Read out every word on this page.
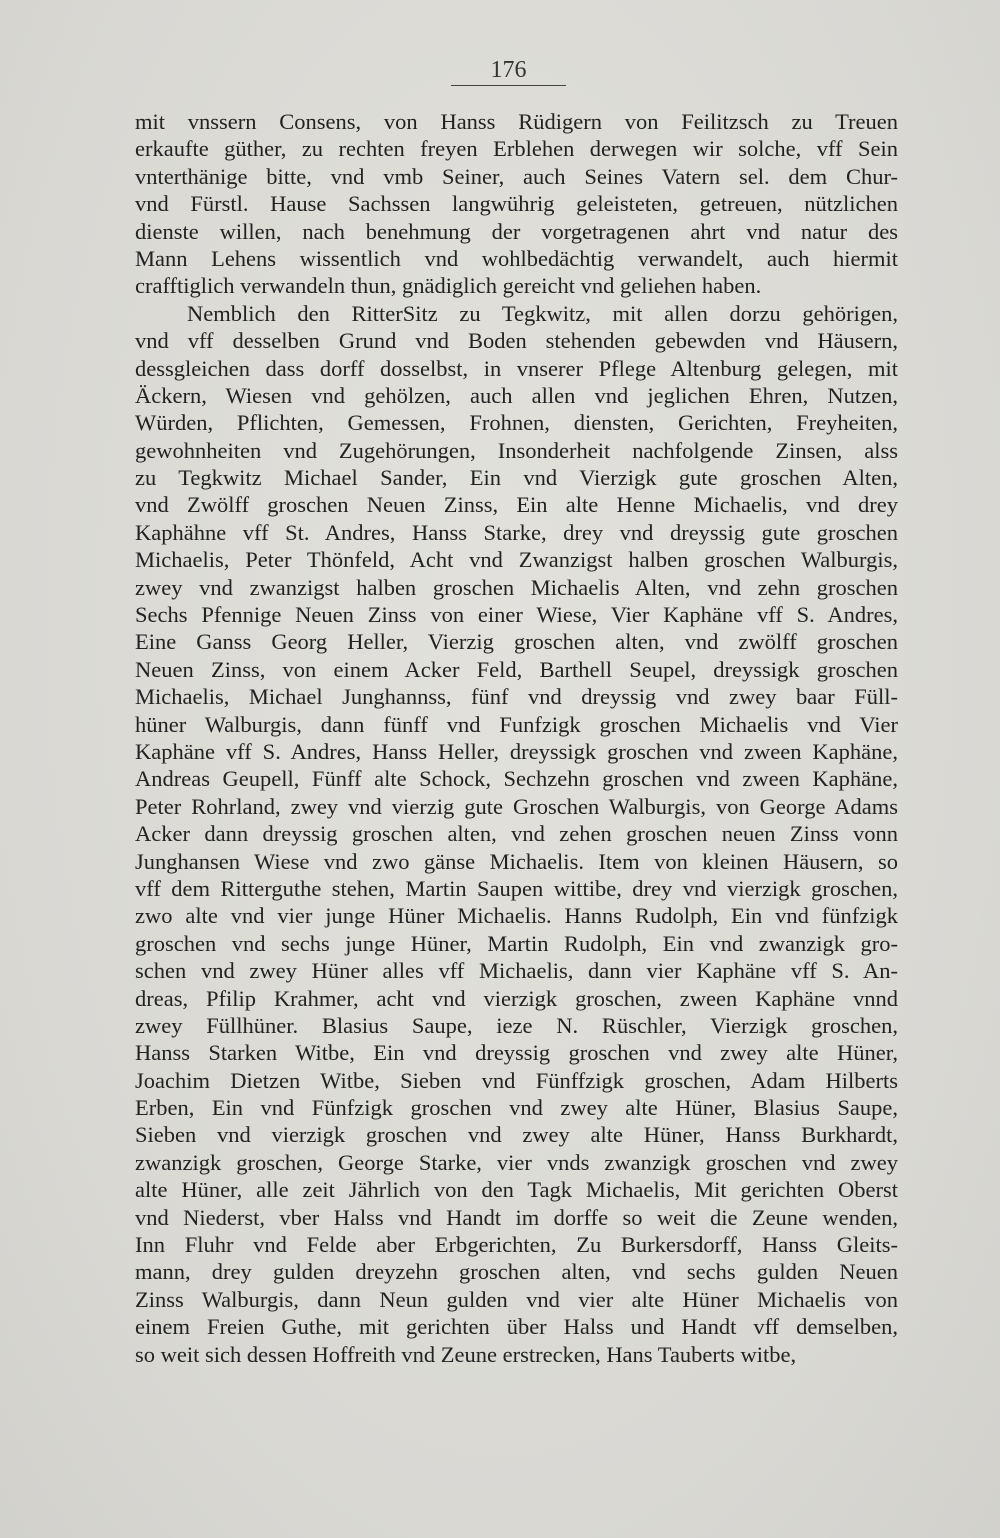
176
mit vnssern Consens, von Hanss Rüdigern von Feilitzsch zu Treuen
erkaufte güther, zu rechten freyen Erblehen derwegen wir solche, vff Sein
vnterthänige bitte, vnd vmb Seiner, auch Seines Vatern sel. dem Chur-
vnd Fürstl. Hause Sachssen langwührig geleisteten, getreuen, nützlichen
dienste willen, nach benehmung der vorgetragenen ahrt vnd natur des
Mann Lehens wissentlich vnd wohlbedächtig verwandelt, auch hiermit
crafftiglich verwandeln thun, gnädiglich gereicht vnd geliehen haben.
Nemblich den RitterSitz zu Tegkwitz, mit allen dorzu gehörigen,
vnd vff desselben Grund vnd Boden stehenden gebewden vnd Häusern,
dessgleichen dass dorff dosselbst, in vnserer Pflege Altenburg gelegen, mit
Äckern, Wiesen vnd gehölzen, auch allen vnd jeglichen Ehren, Nutzen,
Würden, Pflichten, Gemessen, Frohnen, diensten, Gerichten, Freyheiten,
gewohnheiten vnd Zugehörungen, Insonderheit nachfolgende Zinsen, alss
zu Tegkwitz Michael Sander, Ein vnd Vierzigk gute groschen Alten,
vnd Zwölff groschen Neuen Zinss, Ein alte Henne Michaelis, vnd drey
Kaphähne vff St. Andres, Hanss Starke, drey vnd dreyssig gute groschen
Michaelis, Peter Thönfeld, Acht vnd Zwanzigst halben groschen Walburgis,
zwey vnd zwanzigst halben groschen Michaelis Alten, vnd zehn groschen
Sechs Pfennige Neuen Zinss von einer Wiese, Vier Kaphäne vff S. Andres,
Eine Ganss Georg Heller, Vierzig groschen alten, vnd zwölff groschen
Neuen Zinss, von einem Acker Feld, Barthell Seupel, dreyssigk groschen
Michaelis, Michael Junghannss, fünf vnd dreyssig vnd zwey baar Füll-
hüner Walburgis, dann fünff vnd Funfzigk groschen Michaelis vnd Vier
Kaphäne vff S. Andres, Hanss Heller, dreyssigk groschen vnd zween Kaphäne,
Andreas Geupell, Fünff alte Schock, Sechzehn groschen vnd zween Kaphäne,
Peter Rohrland, zwey vnd vierzig gute Groschen Walburgis, von George Adams
Acker dann dreyssig groschen alten, vnd zehen groschen neuen Zinss vonn
Junghansen Wiese vnd zwo gänse Michaelis. Item von kleinen Häusern, so
vff dem Ritterguthe stehen, Martin Saupen wittibe, drey vnd vierzigk groschen,
zwo alte vnd vier junge Hüner Michaelis. Hanns Rudolph, Ein vnd fünfzigk
groschen vnd sechs junge Hüner, Martin Rudolph, Ein vnd zwanzigk gro-
schen vnd zwey Hüner alles vff Michaelis, dann vier Kaphäne vff S. An-
dreas, Pfilip Krahmer, acht vnd vierzigk groschen, zween Kaphäne vnnd
zwey Füllhüner. Blasius Saupe, ieze N. Rüschler, Vierzigk groschen,
Hanss Starken Witbe, Ein vnd dreyssig groschen vnd zwey alte Hüner,
Joachim Dietzen Witbe, Sieben vnd Fünffzigk groschen, Adam Hilberts
Erben, Ein vnd Fünfzigk groschen vnd zwey alte Hüner, Blasius Saupe,
Sieben vnd vierzigk groschen vnd zwey alte Hüner, Hanss Burkhardt,
zwanzigk groschen, George Starke, vier vnds zwanzigk groschen vnd zwey
alte Hüner, alle zeit Jährlich von den Tagk Michaelis, Mit gerichten Oberst
vnd Niederst, vber Halss vnd Handt im dorffe so weit die Zeune wenden,
Inn Fluhr vnd Felde aber Erbgerichten, Zu Burkersdorff, Hanss Gleits-
mann, drey gulden dreyzehn groschen alten, vnd sechs gulden Neuen
Zinss Walburgis, dann Neun gulden vnd vier alte Hüner Michaelis von
einem Freien Guthe, mit gerichten über Halss und Handt vff demselben,
so weit sich dessen Hoffreith vnd Zeune erstrecken, Hans Tauberts witbe,
